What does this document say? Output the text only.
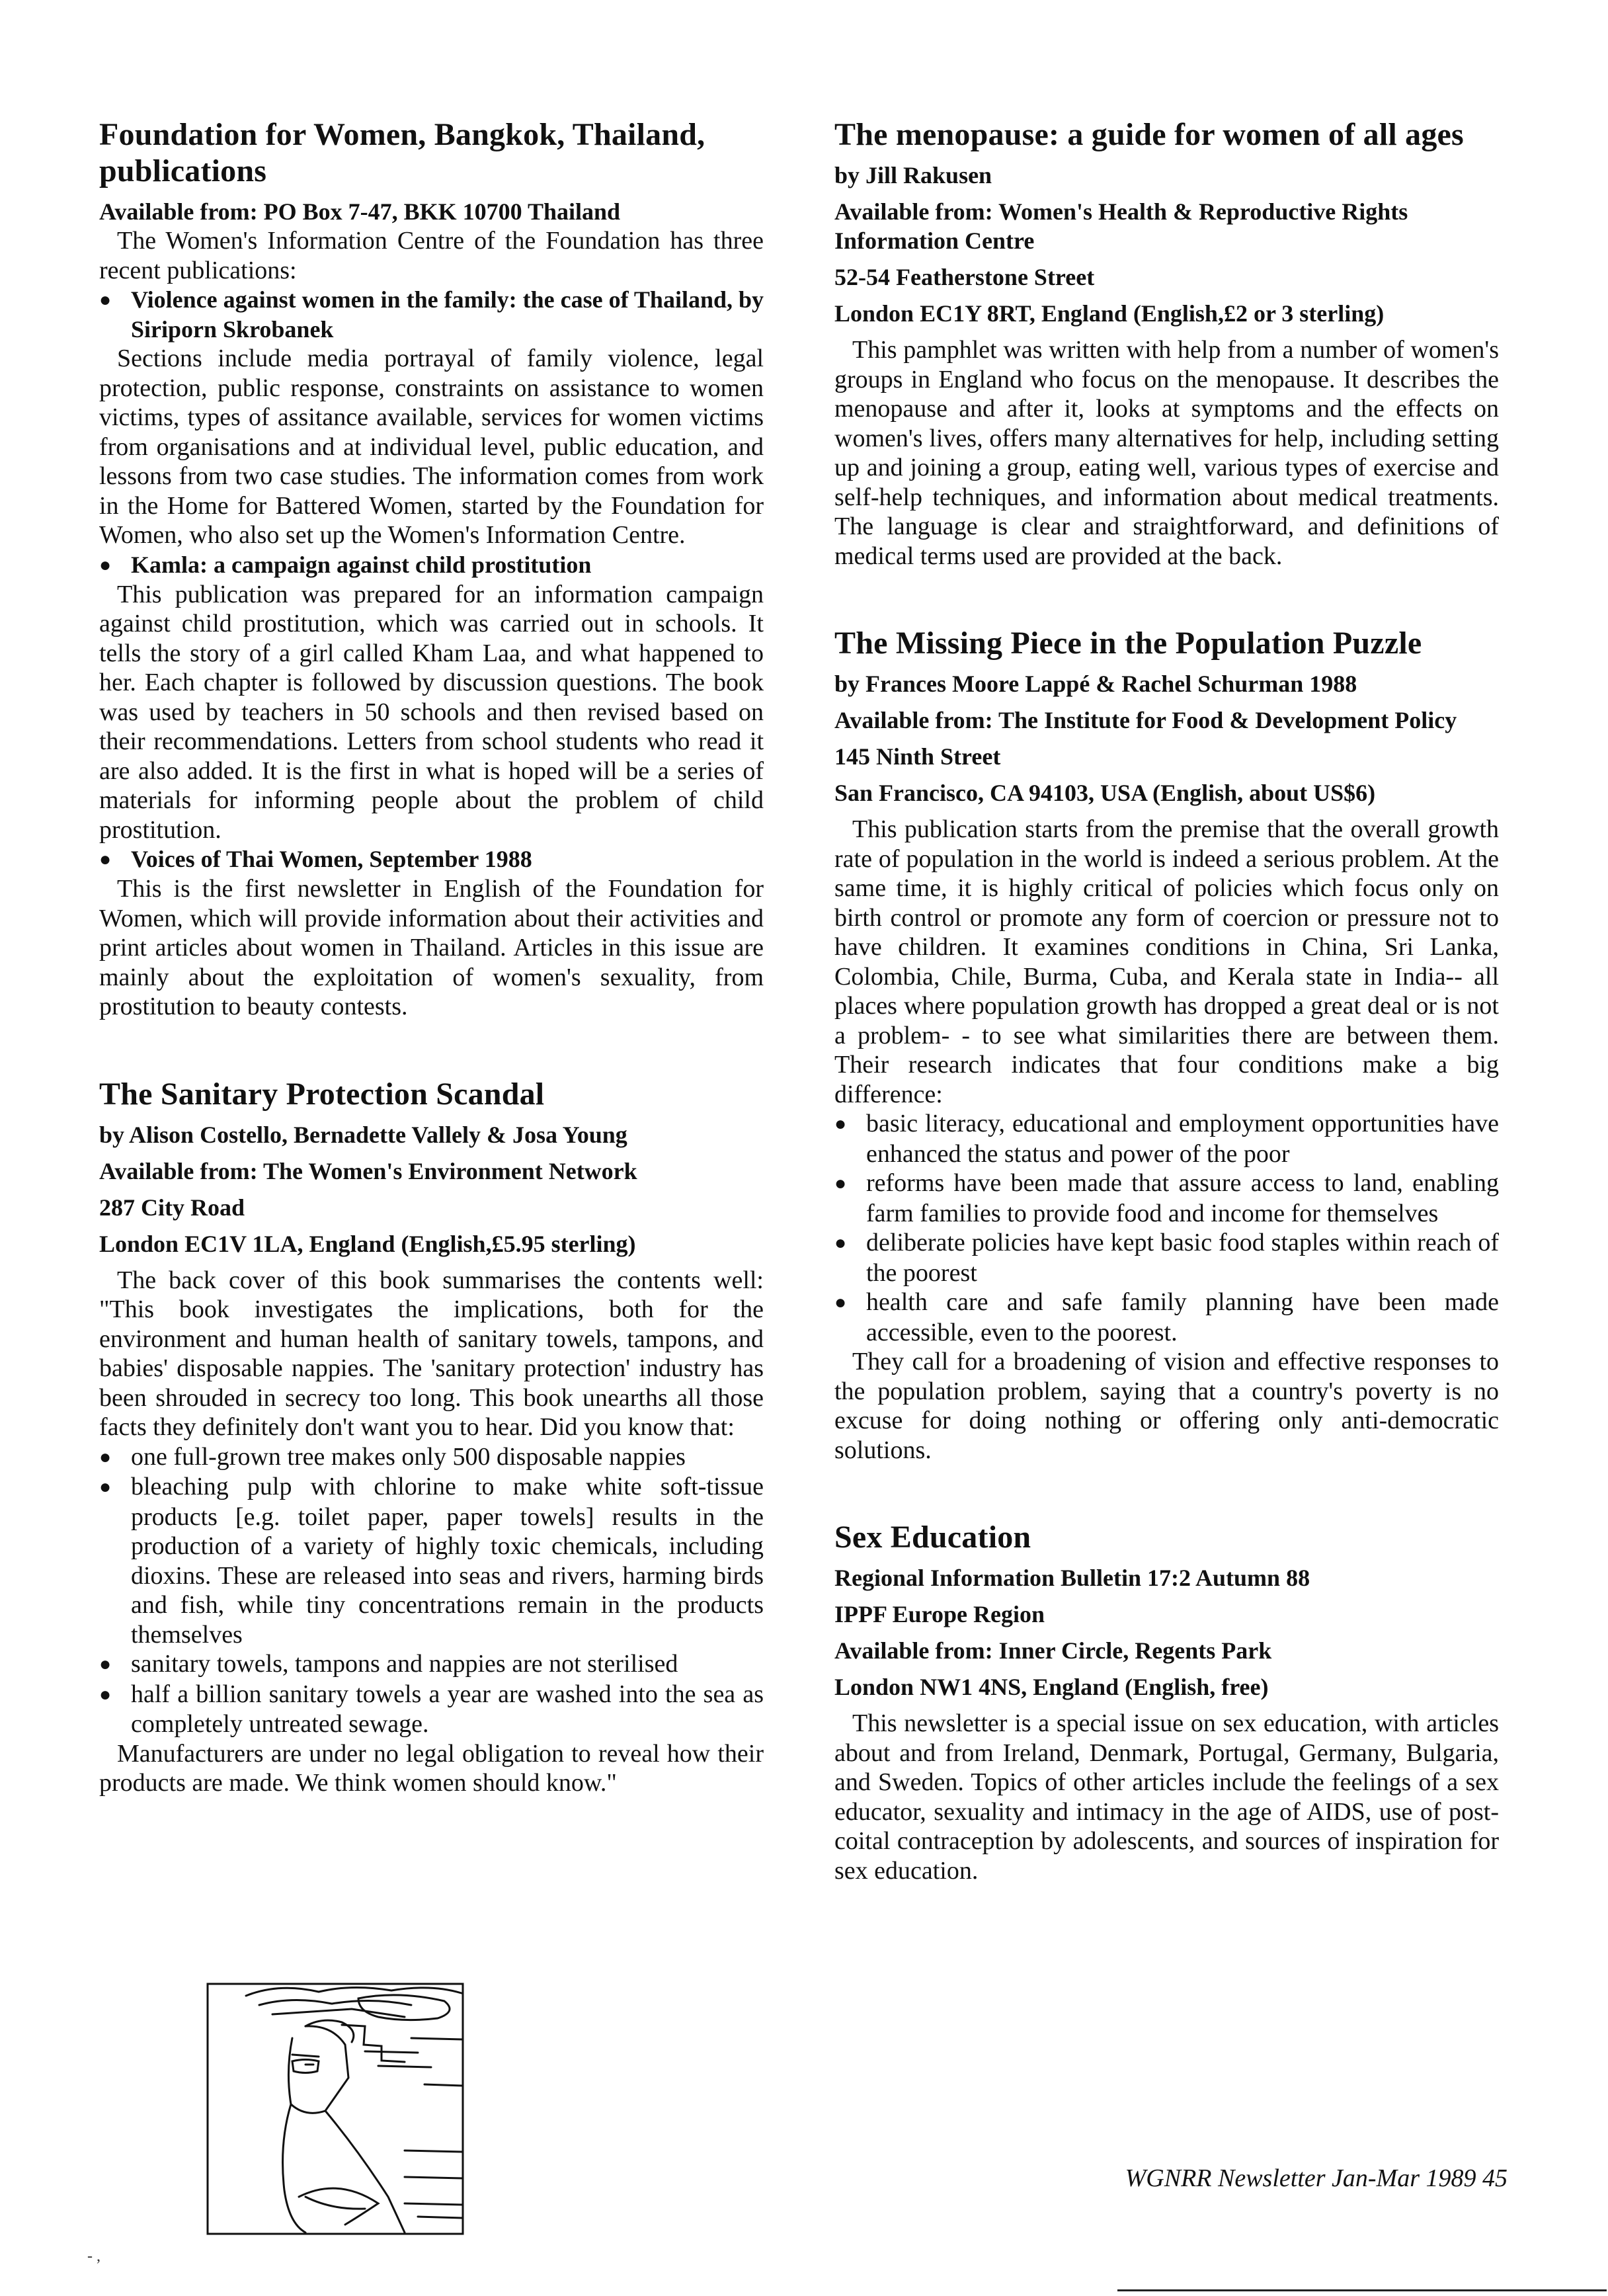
Foundation for Women, Bangkok, Thailand, publications
Available from: PO Box 7-47, BKK 10700 Thailand
The Women's Information Centre of the Foundation has three recent publications:
● Violence against women in the family: the case of Thailand, by Siriporn Skrobanek
Sections include media portrayal of family violence, legal protection, public response, constraints on assistance to women victims, types of assitance available, services for women victims from organisations and at individual level, public education, and lessons from two case studies. The information comes from work in the Home for Battered Women, started by the Foundation for Women, who also set up the Women's Information Centre.
● Kamla: a campaign against child prostitution
This publication was prepared for an information campaign against child prostitution, which was carried out in schools. It tells the story of a girl called Kham Laa, and what happened to her. Each chapter is followed by discussion questions. The book was used by teachers in 50 schools and then revised based on their recommendations. Letters from school students who read it are also added. It is the first in what is hoped will be a series of materials for informing people about the problem of child prostitution.
● Voices of Thai Women, September 1988
This is the first newsletter in English of the Foundation for Women, which will provide information about their activities and print articles about women in Thailand. Articles in this issue are mainly about the exploitation of women's sexuality, from prostitution to beauty contests.
The Sanitary Protection Scandal
by Alison Costello, Bernadette Vallely & Josa Young
Available from: The Women's Environment Network
287 City Road
London EC1V 1LA, England (English,£5.95 sterling)
The back cover of this book summarises the contents well: "This book investigates the implications, both for the environment and human health of sanitary towels, tampons, and babies' disposable nappies. The 'sanitary protection' industry has been shrouded in secrecy too long. This book unearths all those facts they definitely don't want you to hear. Did you know that:
● one full-grown tree makes only 500 disposable nappies
● bleaching pulp with chlorine to make white soft-tissue products [e.g. toilet paper, paper towels] results in the production of a variety of highly toxic chemicals, including dioxins. These are released into seas and rivers, harming birds and fish, while tiny concentrations remain in the products themselves
● sanitary towels, tampons and nappies are not sterilised
● half a billion sanitary towels a year are washed into the sea as completely untreated sewage.
Manufacturers are under no legal obligation to reveal how their products are made. We think women should know."
The menopause: a guide for women of all ages
by Jill Rakusen
Available from: Women's Health & Reproductive Rights Information Centre
52-54 Featherstone Street
London EC1Y 8RT, England (English,£2 or 3 sterling)
This pamphlet was written with help from a number of women's groups in England who focus on the menopause. It describes the menopause and after it, looks at symptoms and the effects on women's lives, offers many alternatives for help, including setting up and joining a group, eating well, various types of exercise and self-help techniques, and information about medical treatments. The language is clear and straightforward, and definitions of medical terms used are provided at the back.
The Missing Piece in the Population Puzzle
by Frances Moore Lappé & Rachel Schurman 1988
Available from: The Institute for Food & Development Policy
145 Ninth Street
San Francisco, CA 94103, USA (English, about US$6)
This publication starts from the premise that the overall growth rate of population in the world is indeed a serious problem. At the same time, it is highly critical of policies which focus only on birth control or promote any form of coercion or pressure not to have children. It examines conditions in China, Sri Lanka, Colombia, Chile, Burma, Cuba, and Kerala state in India-- all places where population growth has dropped a great deal or is not a problem- - to see what similarities there are between them. Their research indicates that four conditions make a big difference:
● basic literacy, educational and employment opportunities have enhanced the status and power of the poor
● reforms have been made that assure access to land, enabling farm families to provide food and income for themselves
● deliberate policies have kept basic food staples within reach of the poorest
● health care and safe family planning have been made accessible, even to the poorest.
They call for a broadening of vision and effective responses to the population problem, saying that a country's poverty is no excuse for doing nothing or offering only anti-democratic solutions.
Sex Education
Regional Information Bulletin 17:2 Autumn 88
IPPF Europe Region
Available from: Inner Circle, Regents Park
London NW1 4NS, England (English, free)
This newsletter is a special issue on sex education, with articles about and from Ireland, Denmark, Portugal, Germany, Bulgaria, and Sweden. Topics of other articles include the feelings of a sex educator, sexuality and intimacy in the age of AIDS, use of post-coital contraception by adolescents, and sources of inspiration for sex education.
WGNRR Newsletter Jan-Mar 1989 45
- ,
